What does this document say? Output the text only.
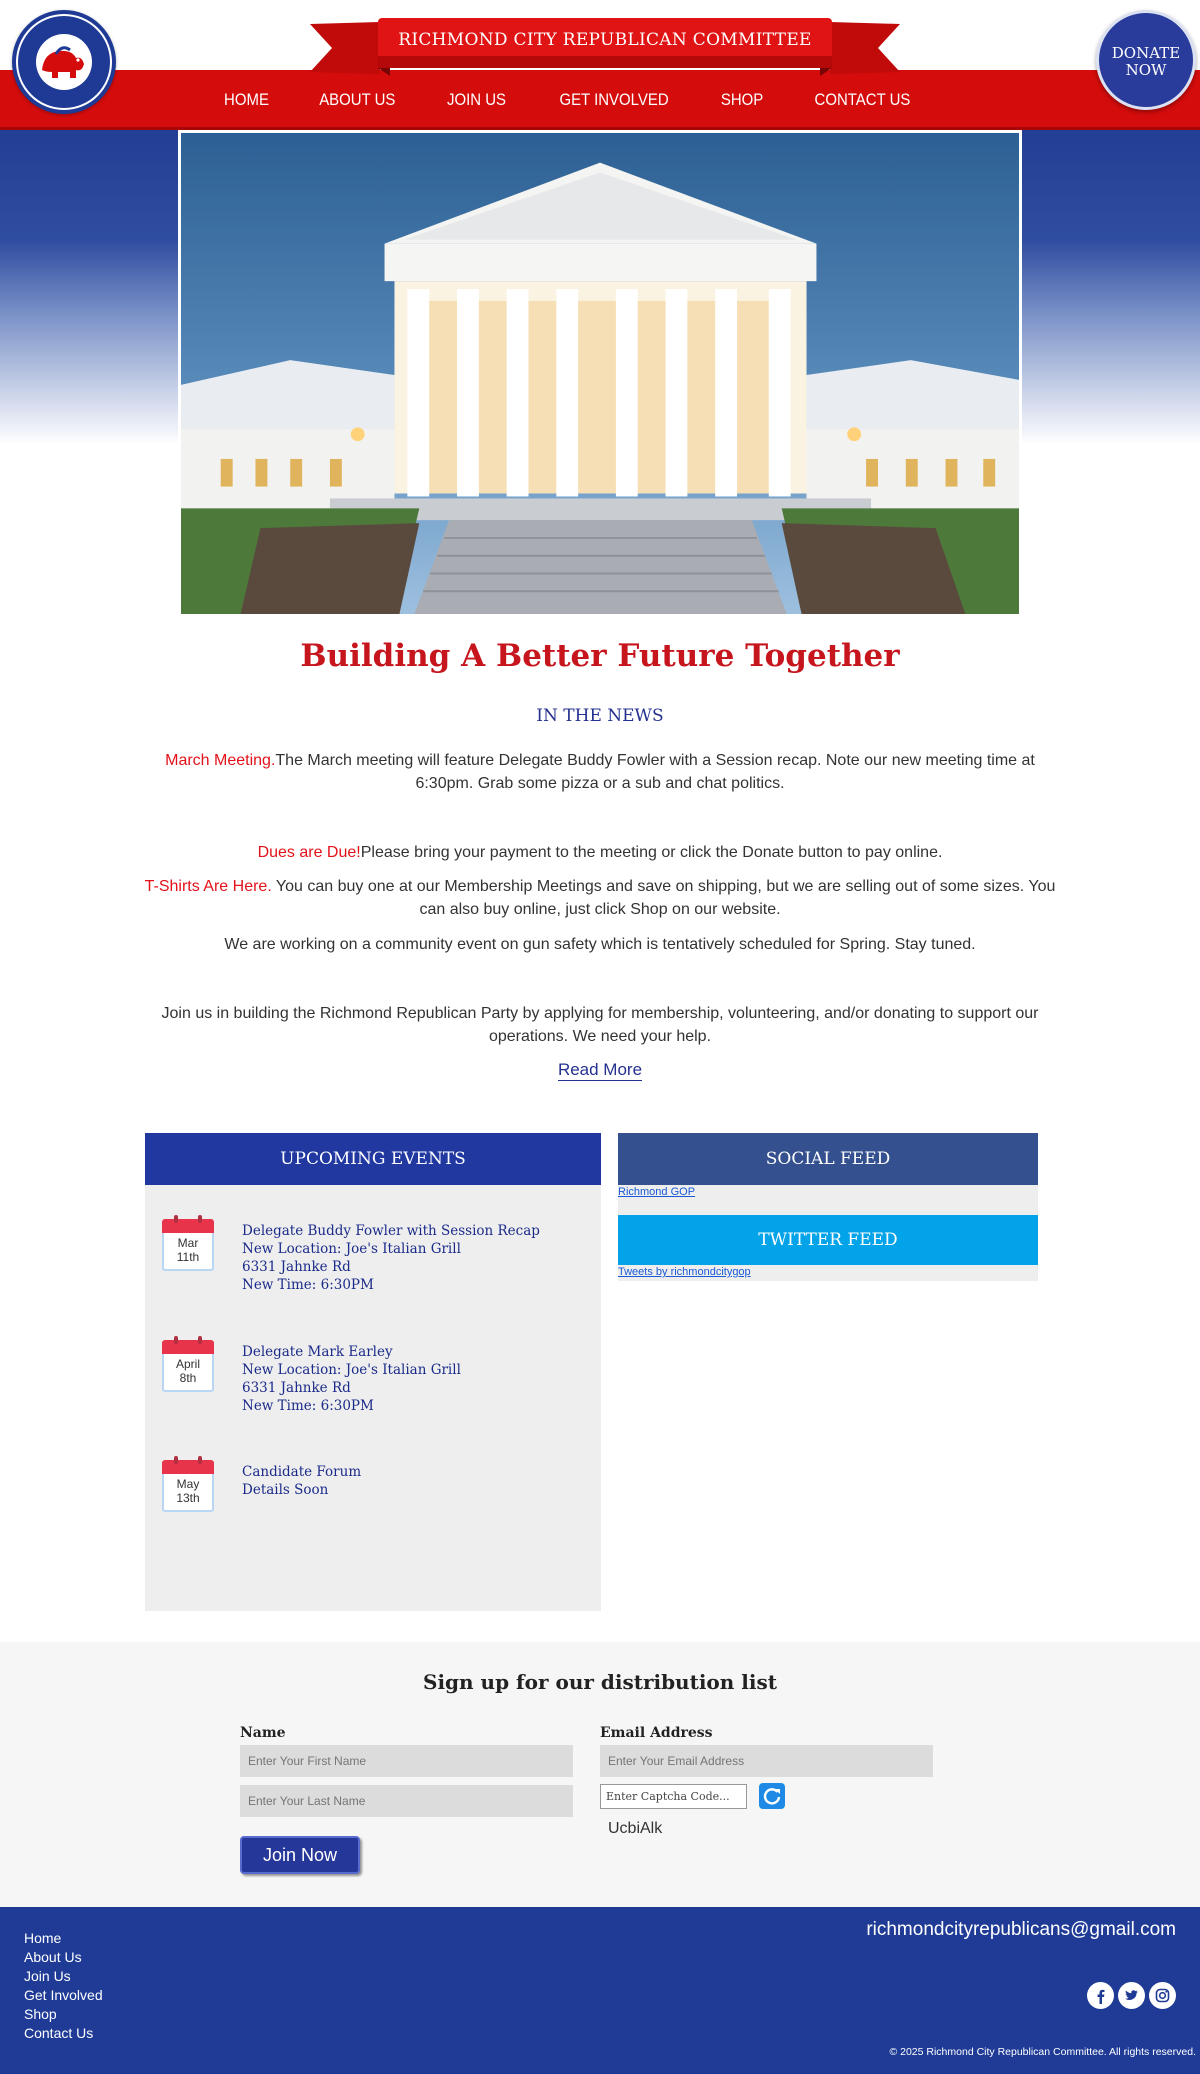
RICHMOND CITY REPUBLICAN COMMITTEE
HOME	ABOUT US	JOIN US	GET INVOLVED	SHOP	CONTACT US
DONATE
NOW
Building A Better Future Together
IN THE NEWS

March Meeting.The March meeting will feature Delegate Buddy Fowler with a Session recap. Note our new meeting time at 6:30pm. Grab some pizza or a sub and chat politics.

Dues are Due!Please bring your payment to the meeting or click the Donate button to pay online.

T-Shirts Are Here. You can buy one at our Membership Meetings and save on shipping, but we are selling out of some sizes. You can also buy online, just click Shop on our website.

We are working on a community event on gun safety which is tentatively scheduled for Spring. Stay tuned.

Join us in building the Richmond Republican Party by applying for membership, volunteering, and/or donating to support our operations. We need your help.

Read More
UPCOMING EVENTS
Mar
11th
Delegate Buddy Fowler with Session Recap
New Location: Joe's Italian Grill
6331 Jahnke Rd
New Time: 6:30PM
April
8th
Delegate Mark Earley
New Location: Joe's Italian Grill
6331 Jahnke Rd
New Time: 6:30PM
May
13th
Candidate Forum
Details Soon
SOCIAL FEED
Richmond GOP
TWITTER FEED
Tweets by richmondcitygop
Sign up for our distribution list
Name	Email Address
Enter Your First Name
Enter Your Email Address
Enter Your Last Name
Enter Captcha Code...
UcbiAlk
Join Now
Home
About Us
Join Us
Get Involved
Shop
Contact Us
richmondcityrepublicans@gmail.com
© 2025 Richmond City Republican Committee. All rights reserved.
